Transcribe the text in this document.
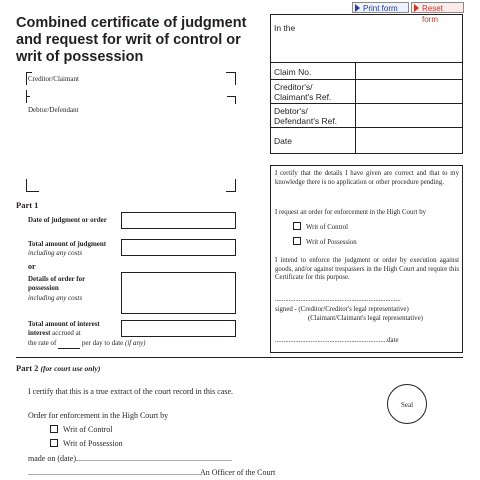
Print form	Reset form
Combined certificate of judgment and request for writ of control or writ of possession
In the
Claim No.
Creditor's/ Claimant's Ref.
Debtor's/ Defendant's Ref.
Date
Creditor/Claimant
Debtor/Defendant
Part 1
Date of judgment or order
Total amount of judgment
including any costs
or
Details of order for possession
including any costs
Total amount of interest
interest accrued at
the rate of	per day to date (if any)

I certify that the details I have given are correct and that to my knowledge there is no application or other procedure pending.

I request an order for enforcement in the High Court by

Writ of Control

Writ of Possession

I intend to enforce the judgment or order by execution against goods, and/or against trespassers in the High Court and require this Certificate for this purpose.

..........................................................................

signed - (Creditor/Creditor's legal representative)

(Claimant/Claimant's legal representative)

..................................................................date

Part 2 (for court use only)
I certify that this is a true extract of the court record in this case.
Order for enforcement in the High Court by
Writ of Control
Writ of Possession
made on (date)..............................................................................
......................................................................................An Officer of the Court
Seal
